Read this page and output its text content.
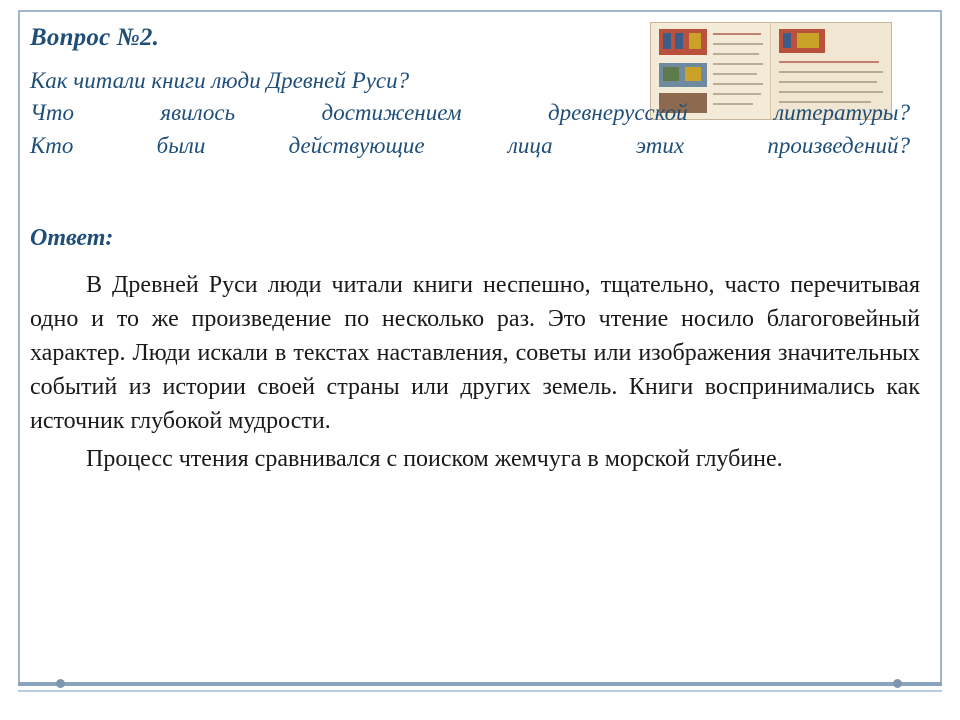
Вопрос №2.
Как читали книги люди Древней Руси?
Что явилось достижением древнерусской литературы?
Кто были действующие лица этих произведений?
Ответ:

В Древней Руси люди читали книги неспешно, тщательно, часто перечитывая одно и то же произведение по несколько раз. Это чтение носило благоговейный характер. Люди искали в текстах наставления, советы или изображения значительных событий из истории своей страны или других земель. Книги воспринимались как источник глубокой мудрости.

Процесс чтения сравнивался с поиском жемчуга в морской глубине.
